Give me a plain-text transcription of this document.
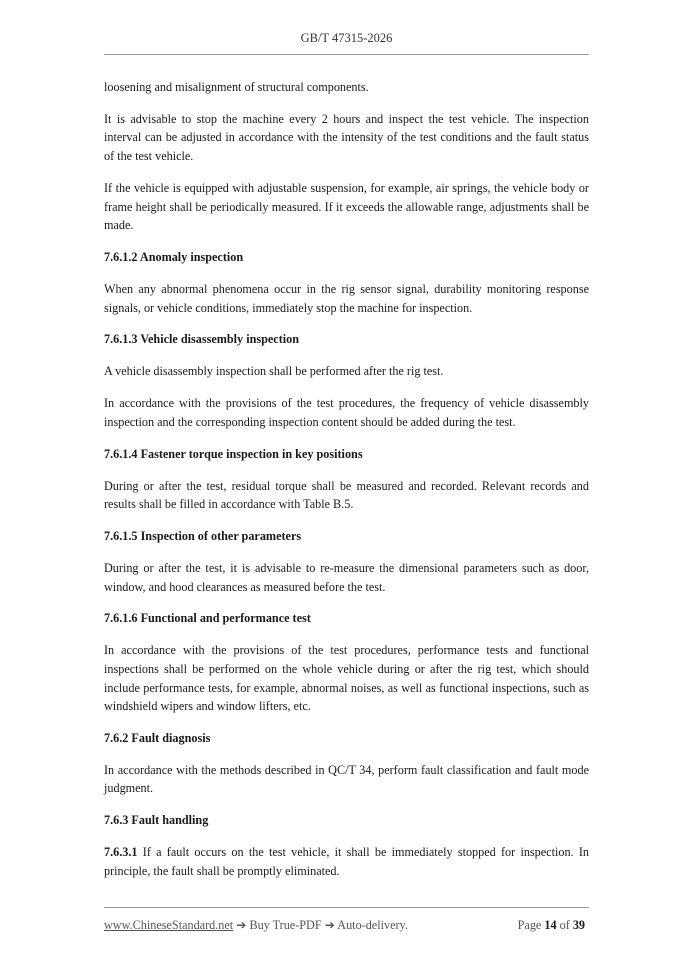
GB/T 47315-2026

loosening and misalignment of structural components.

It is advisable to stop the machine every 2 hours and inspect the test vehicle. The inspection interval can be adjusted in accordance with the intensity of the test conditions and the fault status of the test vehicle.

If the vehicle is equipped with adjustable suspension, for example, air springs, the vehicle body or frame height shall be periodically measured. If it exceeds the allowable range, adjustments shall be made.

7.6.1.2 Anomaly inspection

When any abnormal phenomena occur in the rig sensor signal, durability monitoring response signals, or vehicle conditions, immediately stop the machine for inspection.

7.6.1.3 Vehicle disassembly inspection

A vehicle disassembly inspection shall be performed after the rig test.

In accordance with the provisions of the test procedures, the frequency of vehicle disassembly inspection and the corresponding inspection content should be added during the test.

7.6.1.4 Fastener torque inspection in key positions

During or after the test, residual torque shall be measured and recorded. Relevant records and results shall be filled in accordance with Table B.5.

7.6.1.5 Inspection of other parameters

During or after the test, it is advisable to re-measure the dimensional parameters such as door, window, and hood clearances as measured before the test.

7.6.1.6 Functional and performance test

In accordance with the provisions of the test procedures, performance tests and functional inspections shall be performed on the whole vehicle during or after the rig test, which should include performance tests, for example, abnormal noises, as well as functional inspections, such as windshield wipers and window lifters, etc.

7.6.2 Fault diagnosis

In accordance with the methods described in QC/T 34, perform fault classification and fault mode judgment.

7.6.3 Fault handling

7.6.3.1 If a fault occurs on the test vehicle, it shall be immediately stopped for inspection. In principle, the fault shall be promptly eliminated.

www.ChineseStandard.net ➔ Buy True-PDF ➔ Auto-delivery.	Page 14 of 39
